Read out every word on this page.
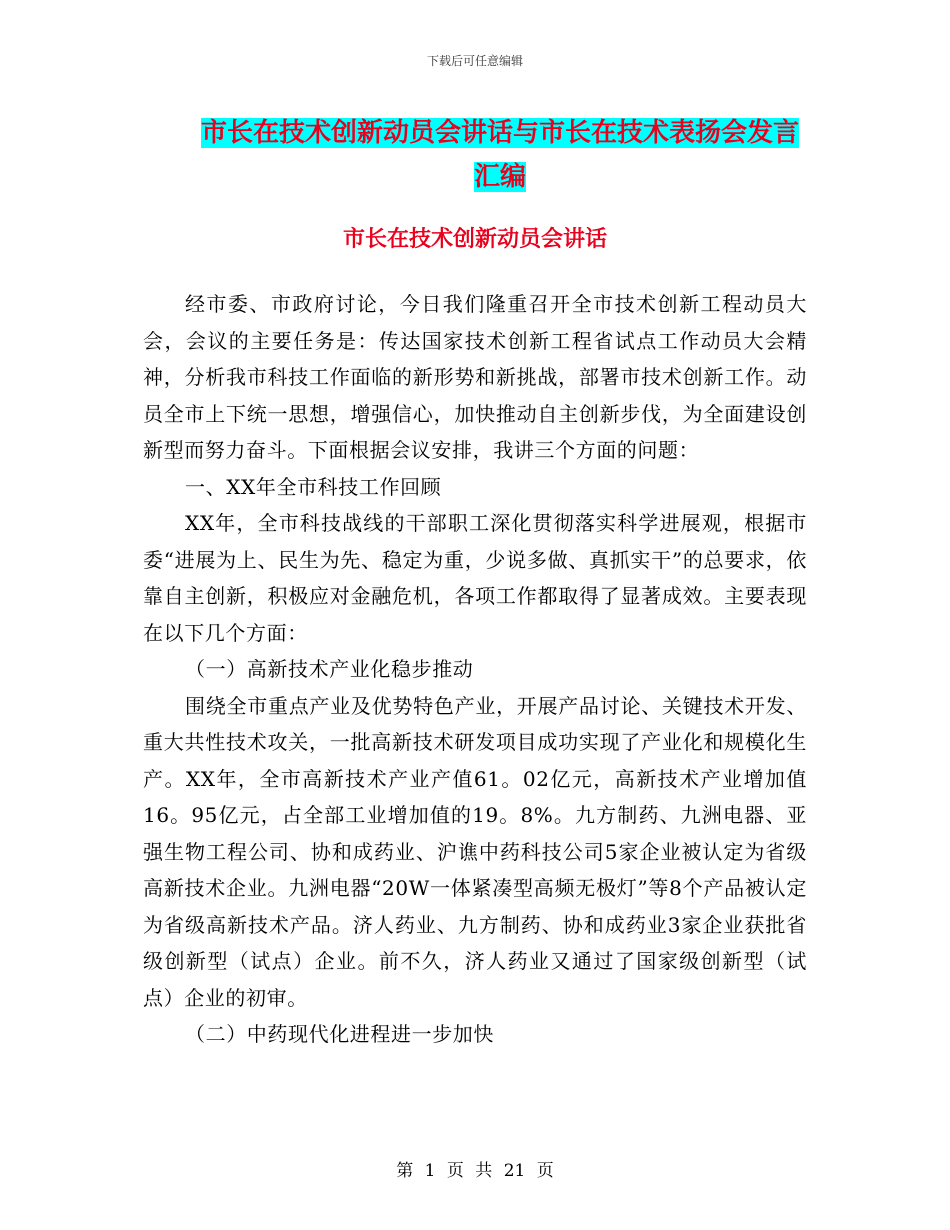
下载后可任意编辑
市长在技术创新动员会讲话与市长在技术表扬会发言
汇编
市长在技术创新动员会讲话

经市委、市政府讨论，今日我们隆重召开全市技术创新工程动员大会，会议的主要任务是：传达国家技术创新工程省试点工作动员大会精神，分析我市科技工作面临的新形势和新挑战，部署市技术创新工作。动员全市上下统一思想，增强信心，加快推动自主创新步伐，为全面建设创新型而努力奋斗。下面根据会议安排，我讲三个方面的问题：

一、XX年全市科技工作回顾

XX年，全市科技战线的干部职工深化贯彻落实科学进展观，根据市委“进展为上、民生为先、稳定为重，少说多做、真抓实干”的总要求，依靠自主创新，积极应对金融危机，各项工作都取得了显著成效。主要表现在以下几个方面：

（一）高新技术产业化稳步推动

围绕全市重点产业及优势特色产业，开展产品讨论、关键技术开发、重大共性技术攻关，一批高新技术研发项目成功实现了产业化和规模化生产。XX年，全市高新技术产业产值61。02亿元，高新技术产业增加值16。95亿元，占全部工业增加值的19。8%。九方制药、九洲电器、亚强生物工程公司、协和成药业、沪谯中药科技公司5家企业被认定为省级高新技术企业。九洲电器“20W一体紧凑型高频无极灯”等8个产品被认定为省级高新技术产品。济人药业、九方制药、协和成药业3家企业获批省级创新型（试点）企业。前不久，济人药业又通过了国家级创新型（试点）企业的初审。

（二）中药现代化进程进一步加快

第 1 页 共 21 页
